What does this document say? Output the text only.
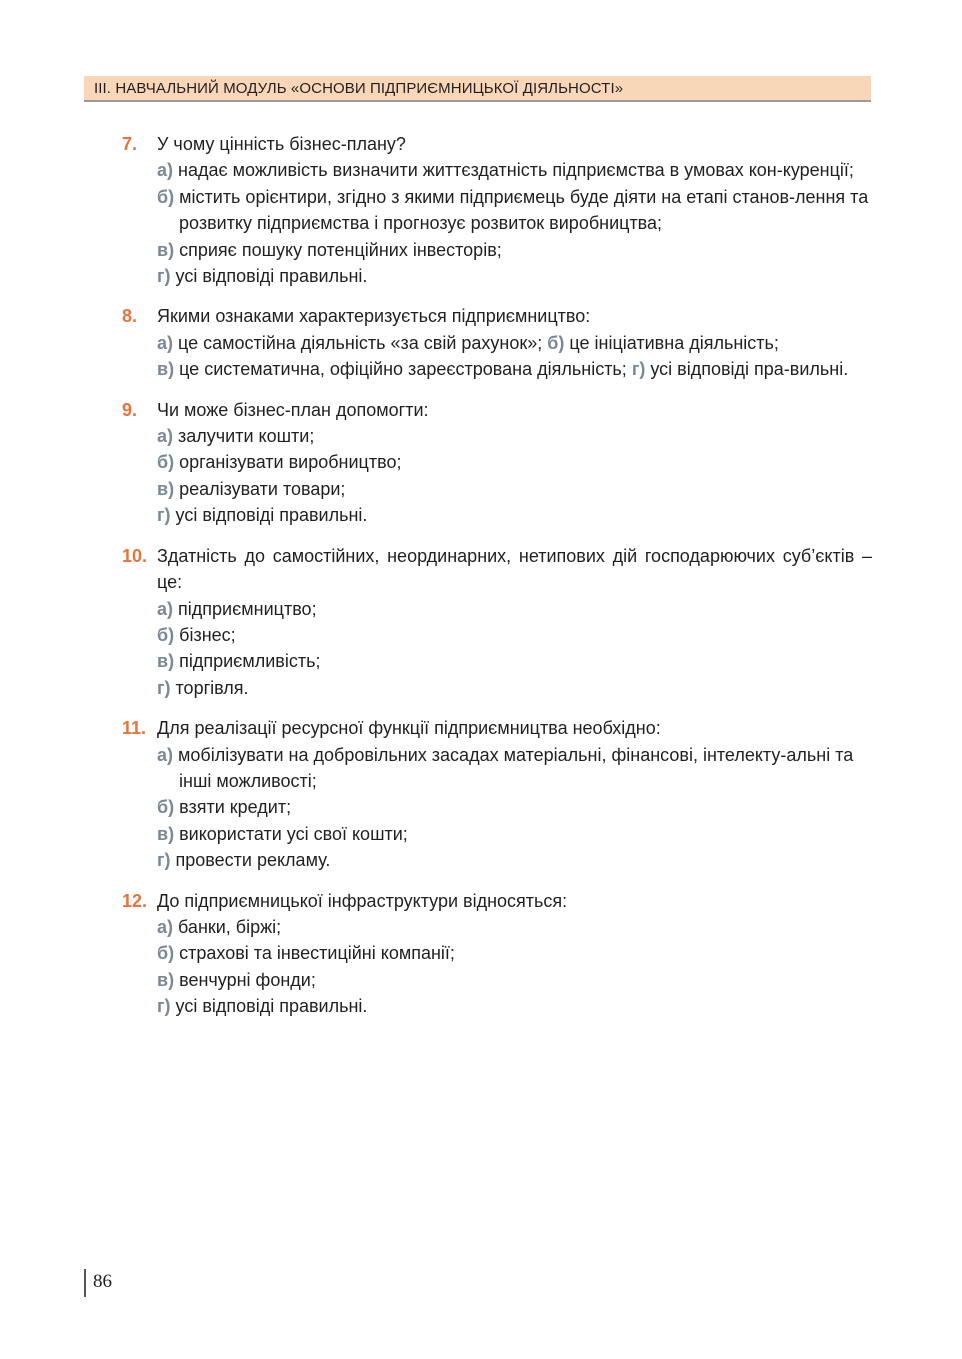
III. НАВЧАЛЬНИЙ МОДУЛЬ «ОСНОВИ ПІДПРИЄМНИЦЬКОЇ ДІЯЛЬНОСТІ»
7. У чому цінність бізнес-плану?
а) надає можливість визначити життєздатність підприємства в умовах кон-куренції;
б) містить орієнтири, згідно з якими підприємець буде діяти на етапі станов-лення та розвитку підприємства і прогнозує розвиток виробництва;
в) сприяє пошуку потенційних інвесторів;
г) усі відповіді правильні.
8. Якими ознаками характеризується підприємництво:
а) це самостійна діяльність «за свій рахунок»; б) це ініціативна діяльність;
в) це систематична, офіційно зареєстрована діяльність; г) усі відповіді пра-вильні.
9. Чи може бізнес-план допомогти:
а) залучити кошти;
б) організувати виробництво;
в) реалізувати товари;
г) усі відповіді правильні.
10. Здатність до самостійних, неординарних, нетипових дій господарюючих суб’єктів – це:
а) підприємництво;
б) бізнес;
в) підприємливість;
г) торгівля.
11. Для реалізації ресурсної функції підприємництва необхідно:
а) мобілізувати на добровільних засадах матеріальні, фінансові, інтелекту-альні та інші можливості;
б) взяти кредит;
в) використати усі свої кошти;
г) провести рекламу.
12. До підприємницької інфраструктури відносяться:
а) банки, біржі;
б) страхові та інвестиційні компанії;
в) венчурні фонди;
г) усі відповіді правильні.
86
